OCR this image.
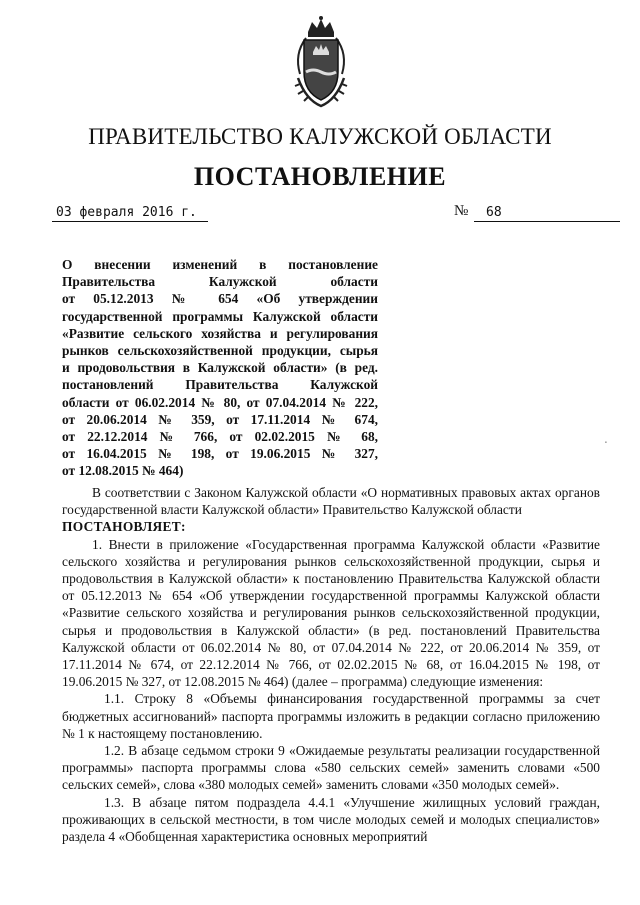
ПРАВИТЕЛЬСТВО КАЛУЖСКОЙ ОБЛАСТИ
ПОСТАНОВЛЕНИЕ
03 февраля 2016 г.	№	68
О внесении изменений в постановление
Правительства Калужской области
от 05.12.2013 № 654 «Об утверждении
государственной программы Калужской области
«Развитие сельского хозяйства и регулирования
рынков сельскохозяйственной продукции, сырья
и продовольствия в Калужской области» (в ред.
постановлений Правительства Калужской
области от 06.02.2014 № 80, от 07.04.2014 № 222,
от 20.06.2014 № 359, от 17.11.2014 № 674,
от 22.12.2014 № 766, от 02.02.2015 № 68,
от 16.04.2015 № 198, от 19.06.2015 № 327,
от 12.08.2015 № 464)
.

В соответствии с Законом Калужской области «О нормативных правовых актах органов государственной власти Калужской области» Правительство Калужской области

ПОСТАНОВЛЯЕТ:

1. Внести в приложение «Государственная программа Калужской области «Развитие сельского хозяйства и регулирования рынков сельскохозяйственной продукции, сырья и продовольствия в Калужской области» к постановлению Правительства Калужской области от 05.12.2013 № 654 «Об утверждении государственной программы Калужской области «Развитие сельского хозяйства и регулирования рынков сельскохозяйственной продукции, сырья и продовольствия в Калужской области» (в ред. постановлений Правительства Калужской области от 06.02.2014 № 80, от 07.04.2014 № 222, от 20.06.2014 № 359, от 17.11.2014 № 674, от 22.12.2014 № 766, от 02.02.2015 № 68, от 16.04.2015 № 198, от 19.06.2015 № 327, от 12.08.2015 № 464) (далее – программа) следующие изменения:

1.1. Строку 8 «Объемы финансирования государственной программы за счет бюджетных ассигнований» паспорта программы изложить в редакции согласно приложению № 1 к настоящему постановлению.

1.2. В абзаце седьмом строки 9 «Ожидаемые результаты реализации государственной программы» паспорта программы слова «580 сельских семей» заменить словами «500 сельских семей», слова «380 молодых семей» заменить словами «350 молодых семей».

1.3. В абзаце пятом подраздела 4.4.1 «Улучшение жилищных условий граждан, проживающих в сельской местности, в том числе молодых семей и молодых специалистов» раздела 4 «Обобщенная характеристика основных мероприятий
